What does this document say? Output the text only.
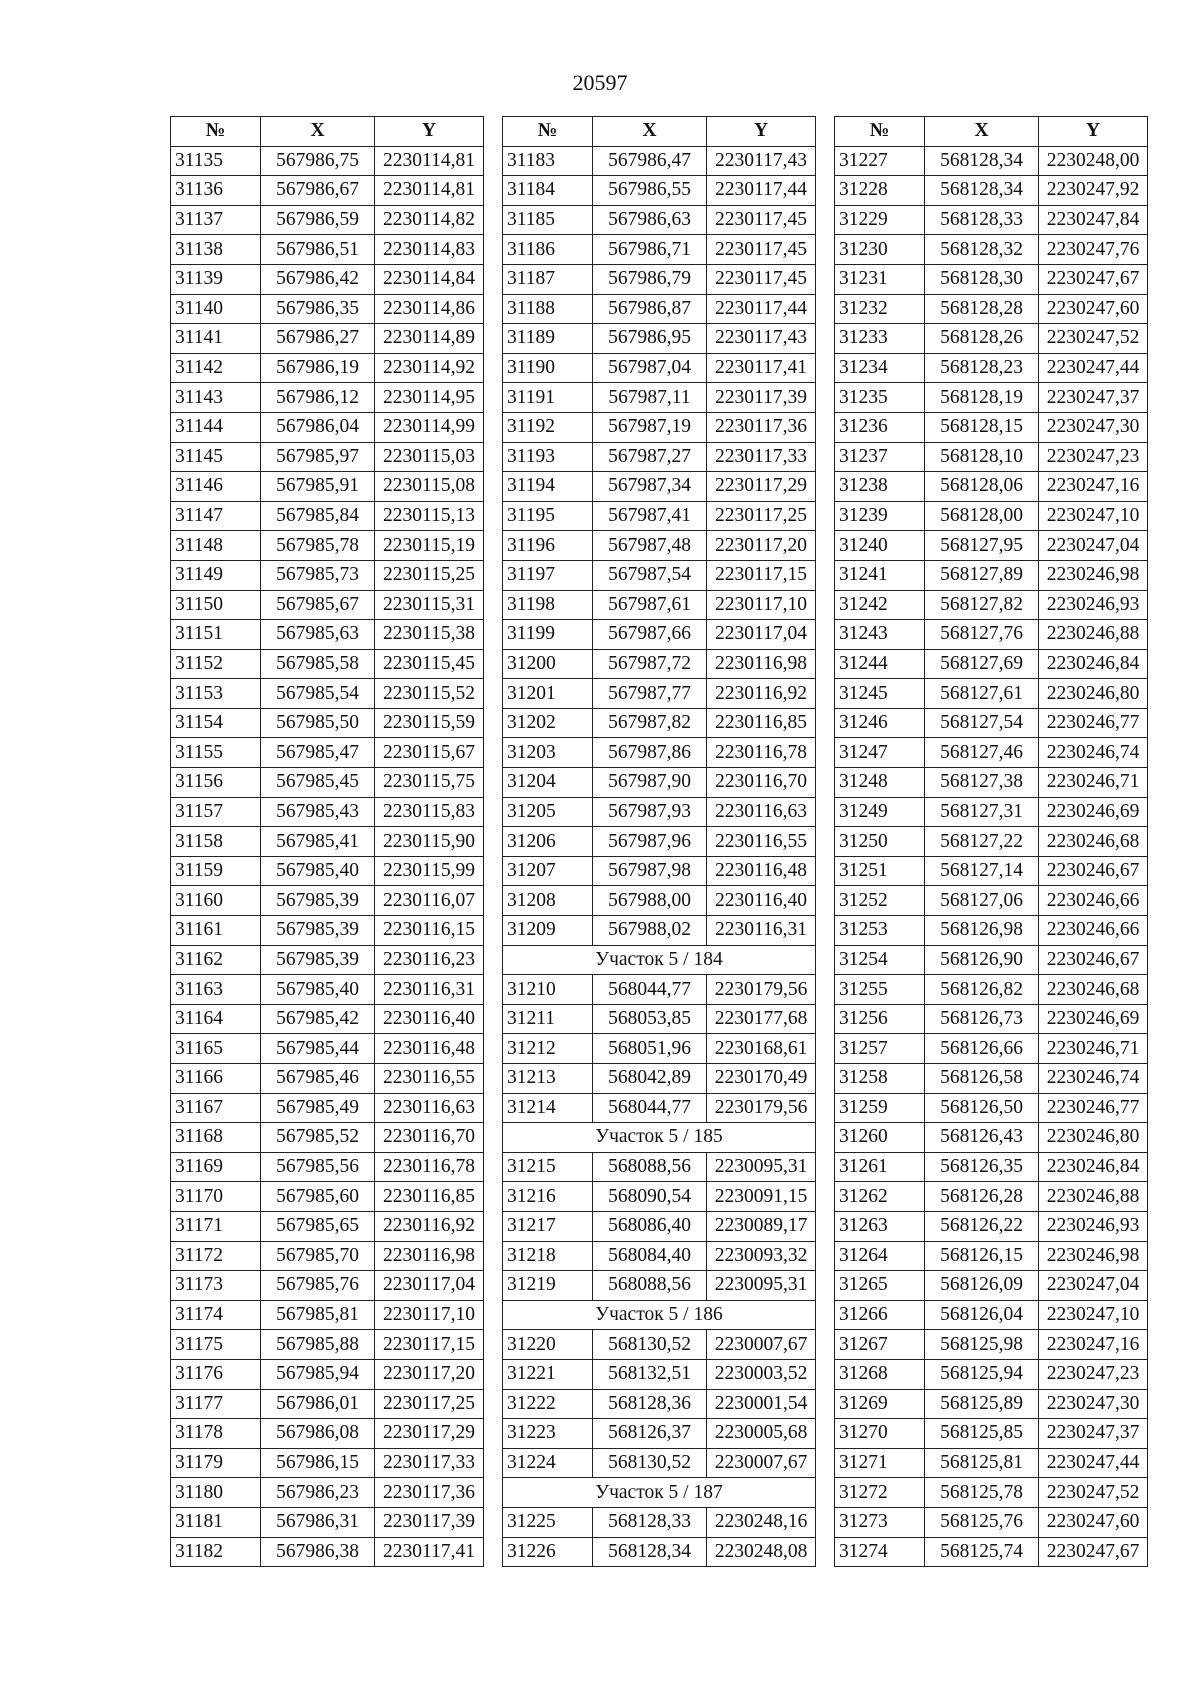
20597
№	X	Y
31135	567986,75	2230114,81
31136	567986,67	2230114,81
31137	567986,59	2230114,82
31138	567986,51	2230114,83
31139	567986,42	2230114,84
31140	567986,35	2230114,86
31141	567986,27	2230114,89
31142	567986,19	2230114,92
31143	567986,12	2230114,95
31144	567986,04	2230114,99
31145	567985,97	2230115,03
31146	567985,91	2230115,08
31147	567985,84	2230115,13
31148	567985,78	2230115,19
31149	567985,73	2230115,25
31150	567985,67	2230115,31
31151	567985,63	2230115,38
31152	567985,58	2230115,45
31153	567985,54	2230115,52
31154	567985,50	2230115,59
31155	567985,47	2230115,67
31156	567985,45	2230115,75
31157	567985,43	2230115,83
31158	567985,41	2230115,90
31159	567985,40	2230115,99
31160	567985,39	2230116,07
31161	567985,39	2230116,15
31162	567985,39	2230116,23
31163	567985,40	2230116,31
31164	567985,42	2230116,40
31165	567985,44	2230116,48
31166	567985,46	2230116,55
31167	567985,49	2230116,63
31168	567985,52	2230116,70
31169	567985,56	2230116,78
31170	567985,60	2230116,85
31171	567985,65	2230116,92
31172	567985,70	2230116,98
31173	567985,76	2230117,04
31174	567985,81	2230117,10
31175	567985,88	2230117,15
31176	567985,94	2230117,20
31177	567986,01	2230117,25
31178	567986,08	2230117,29
31179	567986,15	2230117,33
31180	567986,23	2230117,36
31181	567986,31	2230117,39
31182	567986,38	2230117,41
№	X	Y
31183	567986,47	2230117,43
31184	567986,55	2230117,44
31185	567986,63	2230117,45
31186	567986,71	2230117,45
31187	567986,79	2230117,45
31188	567986,87	2230117,44
31189	567986,95	2230117,43
31190	567987,04	2230117,41
31191	567987,11	2230117,39
31192	567987,19	2230117,36
31193	567987,27	2230117,33
31194	567987,34	2230117,29
31195	567987,41	2230117,25
31196	567987,48	2230117,20
31197	567987,54	2230117,15
31198	567987,61	2230117,10
31199	567987,66	2230117,04
31200	567987,72	2230116,98
31201	567987,77	2230116,92
31202	567987,82	2230116,85
31203	567987,86	2230116,78
31204	567987,90	2230116,70
31205	567987,93	2230116,63
31206	567987,96	2230116,55
31207	567987,98	2230116,48
31208	567988,00	2230116,40
31209	567988,02	2230116,31
Участок 5 / 184		
31210	568044,77	2230179,56
31211	568053,85	2230177,68
31212	568051,96	2230168,61
31213	568042,89	2230170,49
31214	568044,77	2230179,56
Участок 5 / 185		
31215	568088,56	2230095,31
31216	568090,54	2230091,15
31217	568086,40	2230089,17
31218	568084,40	2230093,32
31219	568088,56	2230095,31
Участок 5 / 186		
31220	568130,52	2230007,67
31221	568132,51	2230003,52
31222	568128,36	2230001,54
31223	568126,37	2230005,68
31224	568130,52	2230007,67
Участок 5 / 187		
31225	568128,33	2230248,16
31226	568128,34	2230248,08
№	X	Y
31227	568128,34	2230248,00
31228	568128,34	2230247,92
31229	568128,33	2230247,84
31230	568128,32	2230247,76
31231	568128,30	2230247,67
31232	568128,28	2230247,60
31233	568128,26	2230247,52
31234	568128,23	2230247,44
31235	568128,19	2230247,37
31236	568128,15	2230247,30
31237	568128,10	2230247,23
31238	568128,06	2230247,16
31239	568128,00	2230247,10
31240	568127,95	2230247,04
31241	568127,89	2230246,98
31242	568127,82	2230246,93
31243	568127,76	2230246,88
31244	568127,69	2230246,84
31245	568127,61	2230246,80
31246	568127,54	2230246,77
31247	568127,46	2230246,74
31248	568127,38	2230246,71
31249	568127,31	2230246,69
31250	568127,22	2230246,68
31251	568127,14	2230246,67
31252	568127,06	2230246,66
31253	568126,98	2230246,66
31254	568126,90	2230246,67
31255	568126,82	2230246,68
31256	568126,73	2230246,69
31257	568126,66	2230246,71
31258	568126,58	2230246,74
31259	568126,50	2230246,77
31260	568126,43	2230246,80
31261	568126,35	2230246,84
31262	568126,28	2230246,88
31263	568126,22	2230246,93
31264	568126,15	2230246,98
31265	568126,09	2230247,04
31266	568126,04	2230247,10
31267	568125,98	2230247,16
31268	568125,94	2230247,23
31269	568125,89	2230247,30
31270	568125,85	2230247,37
31271	568125,81	2230247,44
31272	568125,78	2230247,52
31273	568125,76	2230247,60
31274	568125,74	2230247,67
